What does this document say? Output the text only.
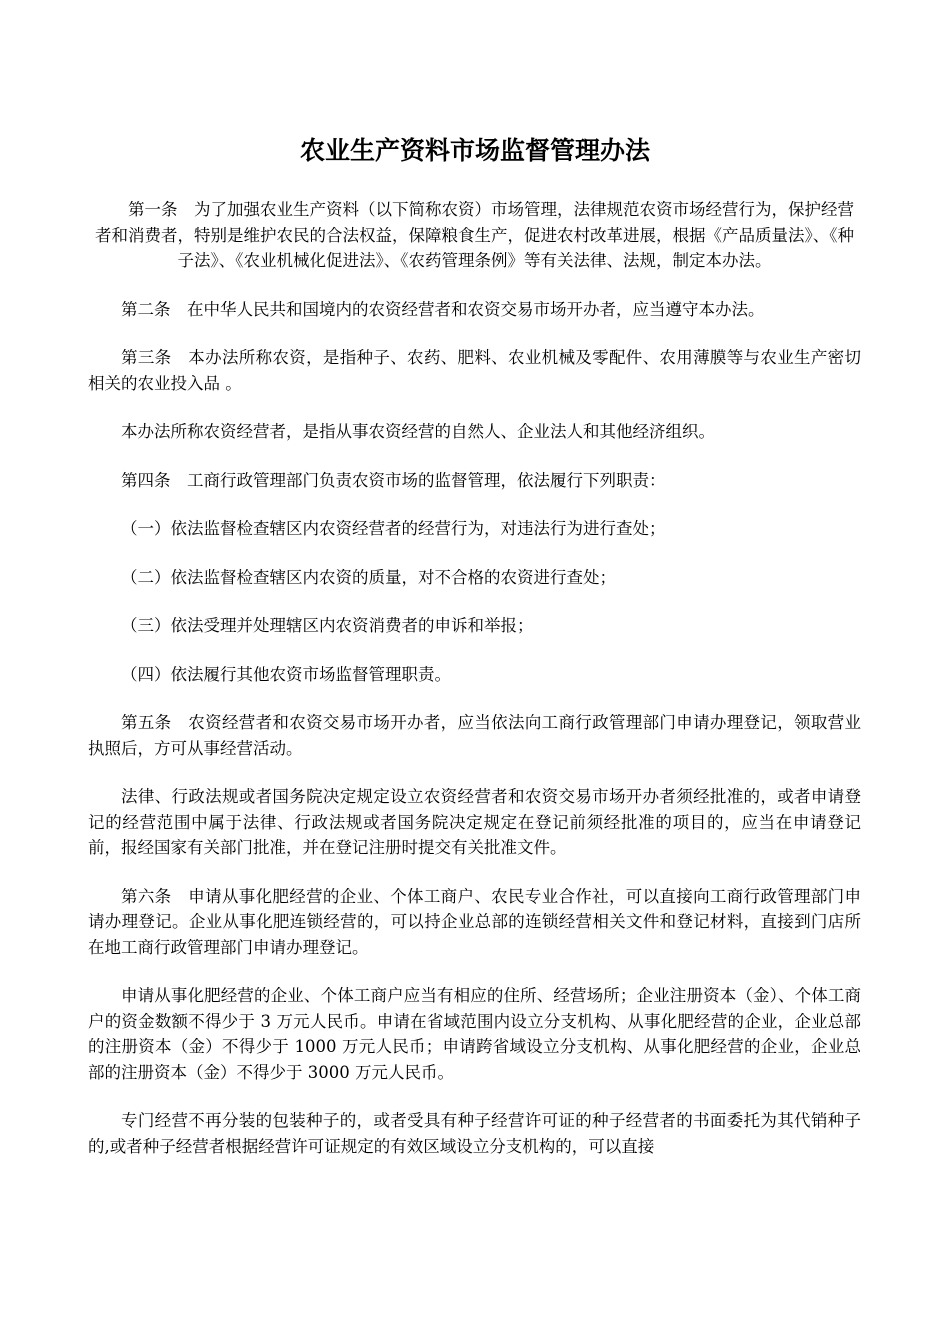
农业生产资料市场监督管理办法

第一条　为了加强农业生产资料（以下简称农资）市场管理，法律规范农资市场经营行为，保护经营者和消费者，特别是维护农民的合法权益，保障粮食生产，促进农村改革进展，根据《产品质量法》、《种子法》、《农业机械化促进法》、《农药管理条例》等有关法律、法规，制定本办法。

第二条　在中华人民共和国境内的农资经营者和农资交易市场开办者，应当遵守本办法。

第三条　本办法所称农资，是指种子、农药、肥料、农业机械及零配件、农用薄膜等与农业生产密切相关的农业投入品 。

本办法所称农资经营者，是指从事农资经营的自然人、企业法人和其他经济组织。

第四条　工商行政管理部门负责农资市场的监督管理，依法履行下列职责：

（一）依法监督检查辖区内农资经营者的经营行为，对违法行为进行查处；

（二）依法监督检查辖区内农资的质量，对不合格的农资进行查处；

（三）依法受理并处理辖区内农资消费者的申诉和举报；

（四）依法履行其他农资市场监督管理职责。

第五条　农资经营者和农资交易市场开办者，应当依法向工商行政管理部门申请办理登记，领取营业执照后，方可从事经营活动。

法律、行政法规或者国务院决定规定设立农资经营者和农资交易市场开办者须经批准的，或者申请登记的经营范围中属于法律、行政法规或者国务院决定规定在登记前须经批准的项目的，应当在申请登记前，报经国家有关部门批准，并在登记注册时提交有关批准文件。

第六条　申请从事化肥经营的企业、个体工商户、农民专业合作社，可以直接向工商行政管理部门申请办理登记。企业从事化肥连锁经营的，可以持企业总部的连锁经营相关文件和登记材料，直接到门店所在地工商行政管理部门申请办理登记。

申请从事化肥经营的企业、个体工商户应当有相应的住所、经营场所；企业注册资本（金）、个体工商户的资金数额不得少于 3 万元人民币。申请在省域范围内设立分支机构、从事化肥经营的企业，企业总部的注册资本（金）不得少于 1000 万元人民币；申请跨省域设立分支机构、从事化肥经营的企业，企业总部的注册资本（金）不得少于 3000 万元人民币。

专门经营不再分装的包装种子的，或者受具有种子经营许可证的种子经营者的书面委托为其代销种子的,或者种子经营者根据经营许可证规定的有效区域设立分支机构的，可以直接
